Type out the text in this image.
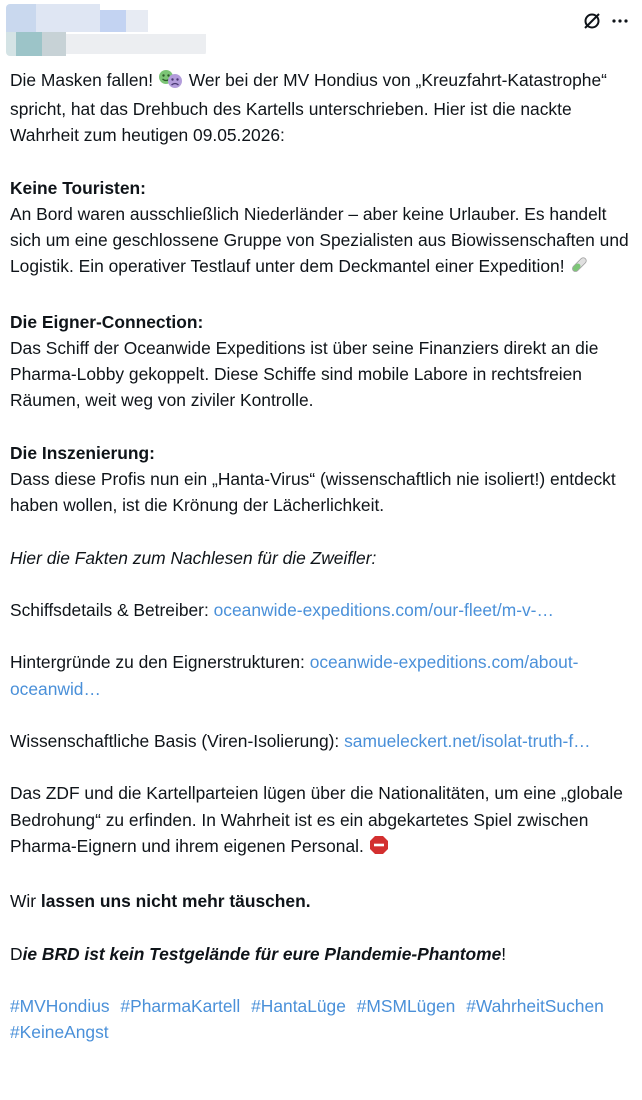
Die Masken fallen!  Wer bei der MV Hondius von „Kreuzfahrt-Katastrophe“ spricht, hat das Drehbuch des Kartells unterschrieben. Hier ist die nackte Wahrheit zum heutigen 09.05.2026:

Keine Touristen:
An Bord waren ausschließlich Niederländer – aber keine Urlauber. Es handelt sich um eine geschlossene Gruppe von Spezialisten aus Biowissenschaften und Logistik. Ein operativer Testlauf unter dem Deckmantel einer Expedition!

Die Eigner-Connection:
Das Schiff der Oceanwide Expeditions ist über seine Finanziers direkt an die Pharma-Lobby gekoppelt. Diese Schiffe sind mobile Labore in rechtsfreien Räumen, weit weg von ziviler Kontrolle.

Die Inszenierung:
Dass diese Profis nun ein „Hanta-Virus“ (wissenschaftlich nie isoliert!) entdeckt haben wollen, ist die Krönung der Lächerlichkeit.

Hier die Fakten zum Nachlesen für die Zweifler:

Schiffsdetails & Betreiber: oceanwide-expeditions.com/our-fleet/m-v-…

Hintergründe zu den Eignerstrukturen: oceanwide-expeditions.com/about-oceanwid…

Wissenschaftliche Basis (Viren-Isolierung): samueleckert.net/isolat-truth-f…

Das ZDF und die Kartellparteien lügen über die Nationalitäten, um eine „globale Bedrohung“ zu erfinden. In Wahrheit ist es ein abgekartetes Spiel zwischen Pharma-Eignern und ihrem eigenen Personal.

Wir lassen uns nicht mehr täuschen.

Die BRD ist kein Testgelände für eure Plandemie-Phantome!

#MVHondius #PharmaKartell #HantaLüge #MSMLügen #WahrheitSuchen #KeineAngst
